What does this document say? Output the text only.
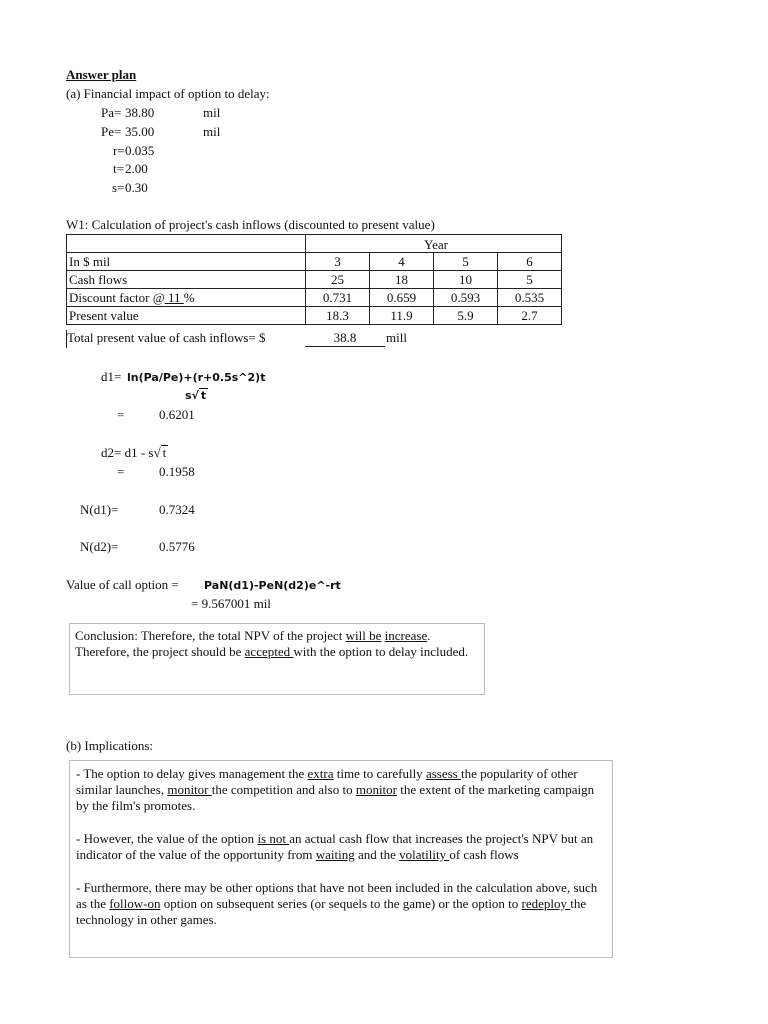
Answer plan
(a) Financial impact of option to delay:
Pa= 38.80	mil
Pe= 35.00	mil
r= 0.035
t= 2.00
s= 0.30
W1: Calculation of project's cash inflows (discounted to present value)
Year

In $ mil	3	4	5	6
Cash flows	25	18	10	5
Discount factor @ 11 %	0.731	0.659	0.593	0.535
Present value	18.3	11.9	5.9	2.7
Total present value of cash inflows= $	38.8	mill
d1= ln(Pa/Pe)+(r+0.5s^2)t
s√ t
=	0.6201
d2= d1 - s√ t
=	0.1958
N(d1)=	0.7324
N(d2)=	0.5776
Value of call option = PaN(d1)-PeN(d2)e^-rt
= 9.567001 mil

Conclusion: Therefore, the total NPV of the project will be increase. Therefore, the project should be accepted with the option to delay included.

(b) Implications:

- The option to delay gives management the extra time to carefully assess the popularity of other similar launches, monitor the competition and also to monitor the extent of the marketing campaign by the film's promotes.

- However, the value of the option is not an actual cash flow that increases the project's NPV but an indicator of the value of the opportunity from waiting and the volatility of cash flows

- Furthermore, there may be other options that have not been included in the calculation above, such as the follow-on option on subsequent series (or sequels to the game) or the option to redeploy the technology in other games.
